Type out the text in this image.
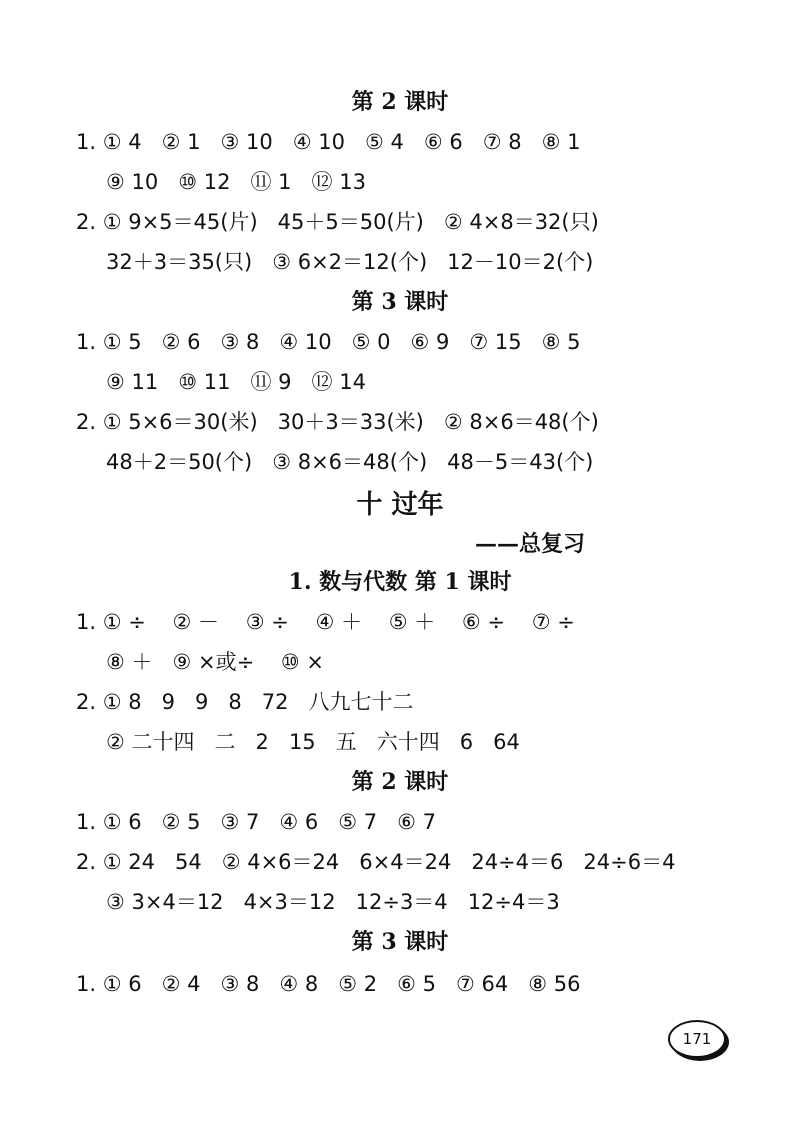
第 2 课时
1. ① 4   ② 1   ③ 10   ④ 10   ⑤ 4   ⑥ 6   ⑦ 8   ⑧ 1
⑨ 10   ⑩ 12   ⑪ 1   ⑫ 13
2. ① 9×5＝45(片)   45＋5＝50(片)   ② 4×8＝32(只)
32＋3＝35(只)   ③ 6×2＝12(个)   12－10＝2(个)
第 3 课时
1. ① 5   ② 6   ③ 8   ④ 10   ⑤ 0   ⑥ 9   ⑦ 15   ⑧ 5
⑨ 11   ⑩ 11   ⑪ 9   ⑫ 14
2. ① 5×6＝30(米)   30＋3＝33(米)   ② 8×6＝48(个)
48＋2＝50(个)   ③ 8×6＝48(个)   48－5＝43(个)
十 过年
——总复习
1. 数与代数 第 1 课时
1. ① ÷    ② －    ③ ÷    ④ ＋    ⑤ ＋    ⑥ ÷    ⑦ ÷
⑧ ＋   ⑨ ×或÷    ⑩ ×
2. ① 8   9   9   8   72   八九七十二
② 二十四   二   2   15   五   六十四   6   64
第 2 课时
1. ① 6   ② 5   ③ 7   ④ 6   ⑤ 7   ⑥ 7
2. ① 24   54   ② 4×6＝24   6×4＝24   24÷4＝6   24÷6＝4
③ 3×4＝12   4×3＝12   12÷3＝4   12÷4＝3
第 3 课时
1. ① 6   ② 4   ③ 8   ④ 8   ⑤ 2   ⑥ 5   ⑦ 64   ⑧ 56
171
